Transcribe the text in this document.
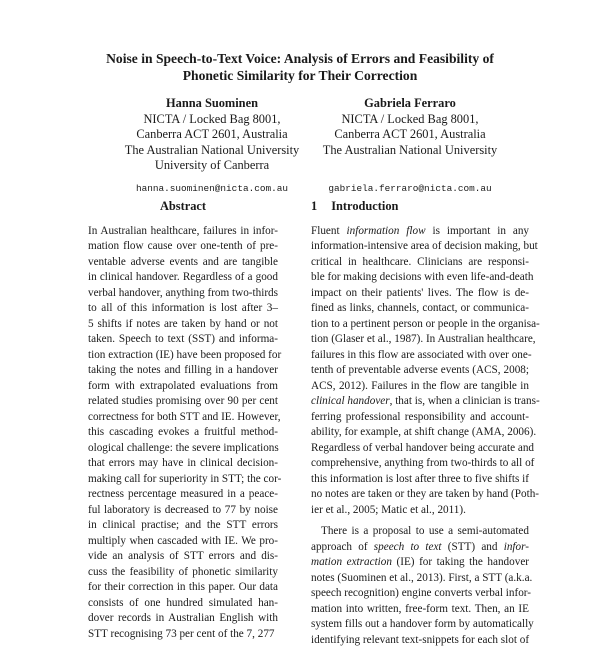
Noise in Speech-to-Text Voice: Analysis of Errors and Feasibility of
Phonetic Similarity for Their Correction
Hanna Suominen
NICTA / Locked Bag 8001,
Canberra ACT 2601, Australia
The Australian National University
University of Canberra
hanna.suominen@nicta.com.au
Gabriela Ferraro
NICTA / Locked Bag 8001,
Canberra ACT 2601, Australia
The Australian National University
gabriela.ferraro@nicta.com.au
Abstract
In Australian healthcare, failures in infor-
mation flow cause over one-tenth of pre-
ventable adverse events and are tangible
in clinical handover. Regardless of a good
verbal handover, anything from two-thirds
to all of this information is lost after 3–
5 shifts if notes are taken by hand or not
taken. Speech to text (SST) and informa-
tion extraction (IE) have been proposed for
taking the notes and filling in a handover
form with extrapolated evaluations from
related studies promising over 90 per cent
correctness for both STT and IE. However,
this cascading evokes a fruitful method-
ological challenge: the severe implications
that errors may have in clinical decision-
making call for superiority in STT; the cor-
rectness percentage measured in a peace-
ful laboratory is decreased to 77 by noise
in clinical practise; and the STT errors
multiply when cascaded with IE. We pro-
vide an analysis of STT errors and dis-
cuss the feasibility of phonetic similarity
for their correction in this paper. Our data
consists of one hundred simulated han-
dover records in Australian English with
STT recognising 73 per cent of the 7, 277
1 Introduction
Fluent information flow is important in any
information-intensive area of decision making, but
critical in healthcare. Clinicians are responsi-
ble for making decisions with even life-and-death
impact on their patients' lives. The flow is de-
fined as links, channels, contact, or communica-
tion to a pertinent person or people in the organisa-
tion (Glaser et al., 1987). In Australian healthcare,
failures in this flow are associated with over one-
tenth of preventable adverse events (ACS, 2008;
ACS, 2012). Failures in the flow are tangible in
clinical handover, that is, when a clinician is trans-
ferring professional responsibility and account-
ability, for example, at shift change (AMA, 2006).
Regardless of verbal handover being accurate and
comprehensive, anything from two-thirds to all of
this information is lost after three to five shifts if
no notes are taken or they are taken by hand (Poth-
ier et al., 2005; Matic et al., 2011).
There is a proposal to use a semi-automated
approach of speech to text (STT) and infor-
mation extraction (IE) for taking the handover
notes (Suominen et al., 2013). First, a STT (a.k.a.
speech recognition) engine converts verbal infor-
mation into written, free-form text. Then, an IE
system fills out a handover form by automatically
identifying relevant text-snippets for each slot of
